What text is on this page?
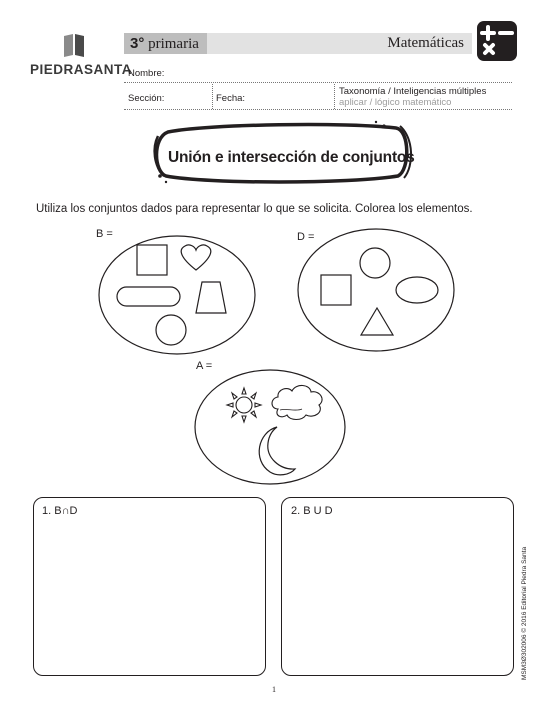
PIEDRASANTA
3° primaria	Matemáticas
Nombre:
Sección:	Fecha:
Taxonomía / Inteligencias múltiples
aplicar / lógico matemático
Unión e intersección de conjuntos
Utiliza los conjuntos dados para representar lo que se solicita. Colorea los elementos.
B =	D =
A =
1. B∩D	2. B U D
MSM3Ø302006 © 2016 Editorial Piedra Santa
1
